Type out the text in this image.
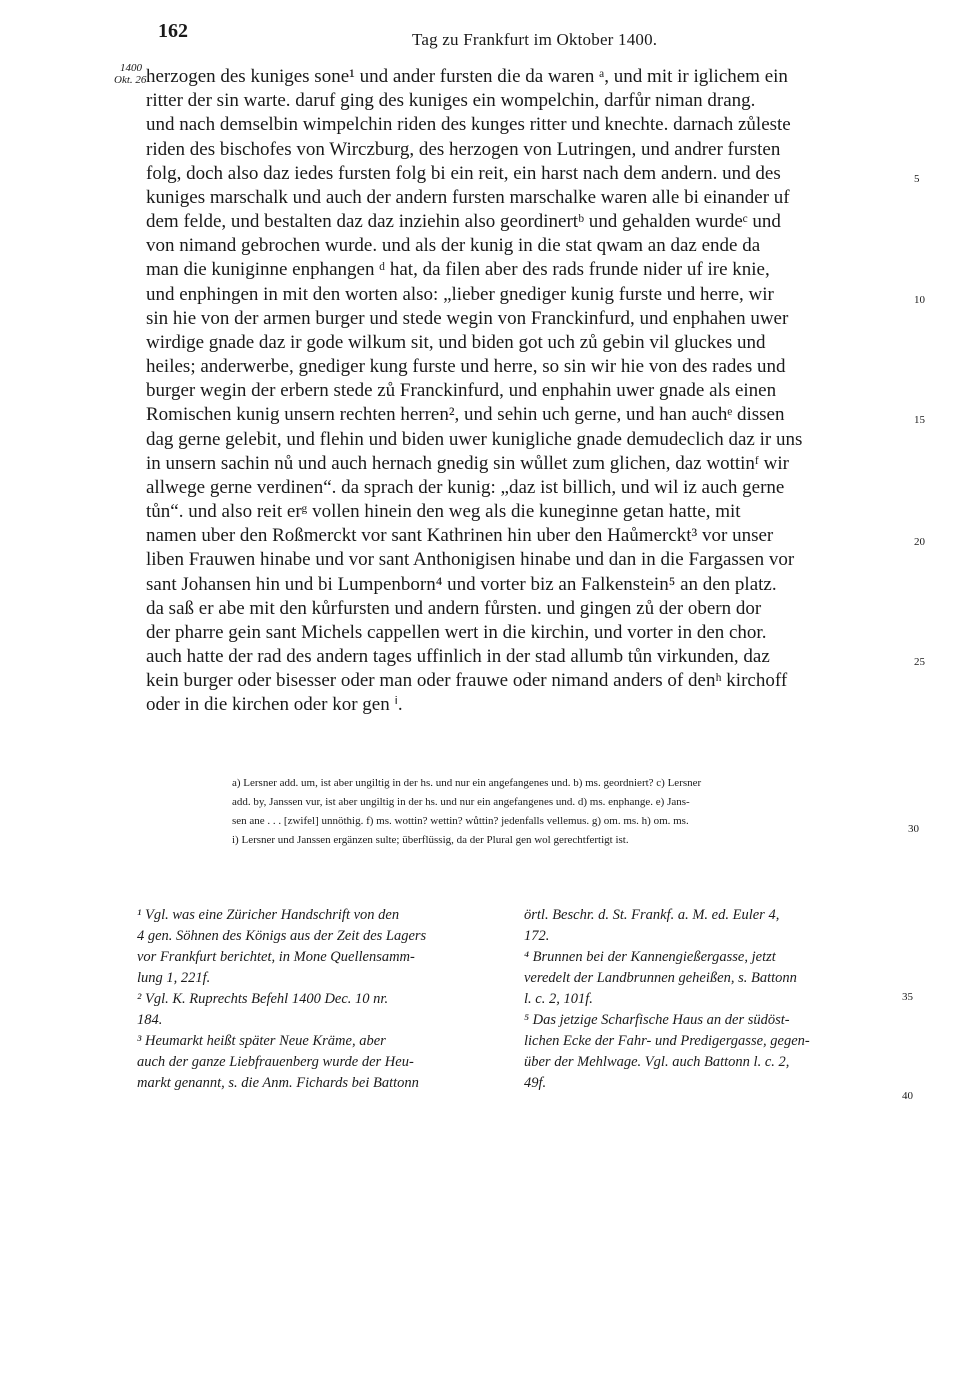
162	Tag zu Frankfurt im Oktober 1400.
1400
Okt. 26 herzogen des kuniges sone¹ und ander fursten die da waren ᵃ, und mit ir iglichem ein
ritter der sin warte. daruf ging des kuniges ein wompelchin, darfůr niman drang.
und nach demselbin wimpelchin riden des kunges ritter und knechte. darnach zůleste
riden des bischofes von Wirczburg, des herzogen von Lutringen, und andrer fursten
folg, doch also daz iedes fursten folg bi ein reit, ein harst nach dem andern. und des
kuniges marschalk und auch der andern fursten marschalke waren alle bi einander uf
dem felde, und bestalten daz daz inziehin also geordinertᵇ und gehalden wurdeᶜ und
von nimand gebrochen wurde. und als der kunig in die stat qwam an daz ende da
man die kuniginne enphangen ᵈ hat, da filen aber des rads frunde nider uf ire knie,
und enphingen in mit den worten also: „lieber gnediger kunig furste und herre, wir
sin hie von der armen burger und stede wegin von Franckinfurd, und enphahen uwer
wirdige gnade daz ir gode wilkum sit, und biden got uch zů gebin vil gluckes und
heiles; anderwerbe, gnediger kung furste und herre, so sin wir hie von des rades und
burger wegin der erbern stede zů Franckinfurd, und enphahin uwer gnade als einen
Romischen kunig unsern rechten herren², und sehin uch gerne, und han auchᵉ dissen
dag gerne gelebit, und flehin und biden uwer kunigliche gnade demudeclich daz ir uns
in unsern sachin nů und auch hernach gnedig sin wůllet zum glichen, daz wottinᶠ wir
allwege gerne verdinen“. da sprach der kunig: „daz ist billich, und wil iz auch gerne
tůn“. und also reit erᵍ vollen hinein den weg als die kuneginne getan hatte, mit
namen uber den Roßmerckt vor sant Kathrinen hin uber den Haůmerckt³ vor unser
liben Frauwen hinabe und vor sant Anthonigisen hinabe und dan in die Fargassen vor
sant Johansen hin und bi Lumpenborn⁴ und vorter biz an Falkenstein⁵ an den platz.
da saß er abe mit den kůrfursten und andern fůrsten. und gingen zů der obern dor
der pharre gein sant Michels cappellen wert in die kirchin, und vorter in den chor.
auch hatte der rad des andern tages uffinlich in der stad allumb tůn virkunden, daz
kein burger oder bisesser oder man oder frauwe oder nimand anders of denʰ kirchoff
oder in die kirchen oder kor gen ⁱ.
5
10
15
20
25
a) Lersner add. um, ist aber ungiltig in der hs. und nur ein angefangenes und. b) ms. geordniert? c) Lersner
add. by, Janssen vur, ist aber ungiltig in der hs. und nur ein angefangenes und. d) ms. enphange. e) Jans-
sen ane . . . [zwifel] unnöthig. f) ms. wottin? wettin? wůttin? jedenfalls vellemus. g) om. ms. h) om. ms.
i) Lersner und Janssen ergänzen sulte; überflüssig, da der Plural gen wol gerechtfertigt ist.
30
¹ Vgl. was eine Züricher Handschrift von den
4 gen. Söhnen des Königs aus der Zeit des Lagers
vor Frankfurt berichtet, in Mone Quellensamm-
lung 1, 221f.
² Vgl. K. Ruprechts Befehl 1400 Dec. 10 nr.
184.
³ Heumarkt heißt später Neue Kräme, aber
auch der ganze Liebfrauenberg wurde der Heu-
markt genannt, s. die Anm. Fichards bei Battonn
örtl. Beschr. d. St. Frankf. a. M. ed. Euler 4,
172.
⁴ Brunnen bei der Kannengießergasse, jetzt
veredelt der Landbrunnen geheißen, s. Battonn
l. c. 2, 101f.
⁵ Das jetzige Scharfische Haus an der südöst-
lichen Ecke der Fahr- und Predigergasse, gegen-
über der Mehlwage. Vgl. auch Battonn l. c. 2,
49f.
35
40
